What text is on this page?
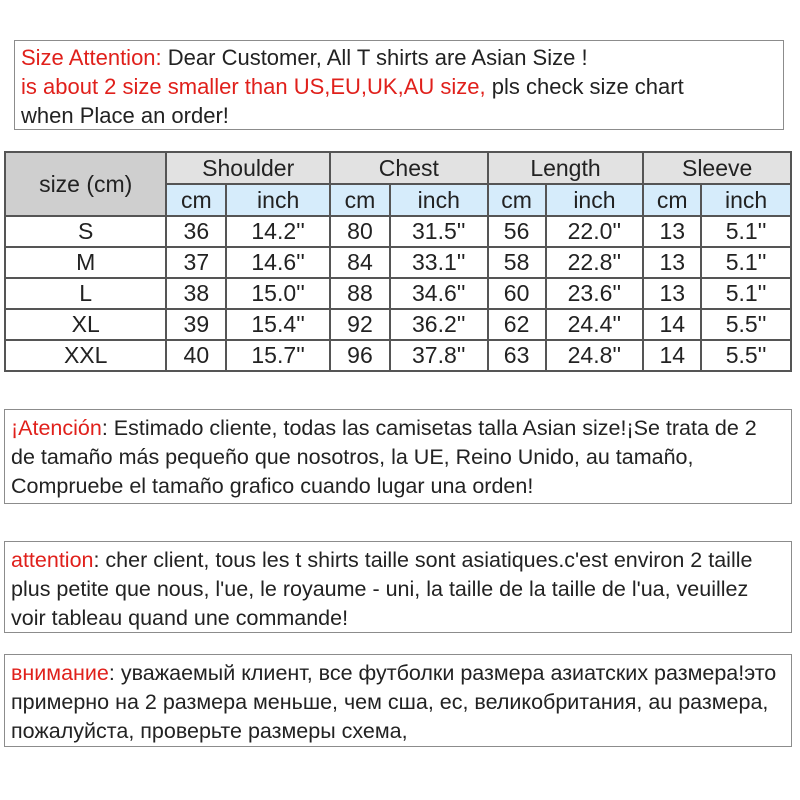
Size Attention: Dear Customer, All T shirts are Asian Size !
is about 2 size smaller than US,EU,UK,AU size, pls check size chart
when Place an order!
size (cm)	Shoulder		Chest		Length		Sleeve	
	cm	inch	cm	inch	cm	inch	cm	inch
S	36	14.2''	80	31.5''	56	22.0''	13	5.1''
M	37	14.6''	84	33.1''	58	22.8''	13	5.1''
L	38	15.0''	88	34.6''	60	23.6''	13	5.1''
XL	39	15.4''	92	36.2''	62	24.4''	14	5.5''
XXL	40	15.7''	96	37.8''	63	24.8''	14	5.5''
¡Atención: Estimado cliente, todas las camisetas talla Asian size!¡Se trata de 2 de tamaño más pequeño que nosotros, la UE, Reino Unido, au tamaño, Compruebe el tamaño grafico cuando lugar una orden!
attention: cher client, tous les t shirts taille sont asiatiques.c'est environ 2 taille plus petite que nous, l'ue, le royaume - uni, la taille de la taille de l'ua, veuillez voir tableau quand une commande!
внимание: уважаемый клиент, все футболки размера азиатских размера!это примерно на 2 размера меньше, чем сша, ес, великобритания, au размера, пожалуйста, проверьте размеры схема,
